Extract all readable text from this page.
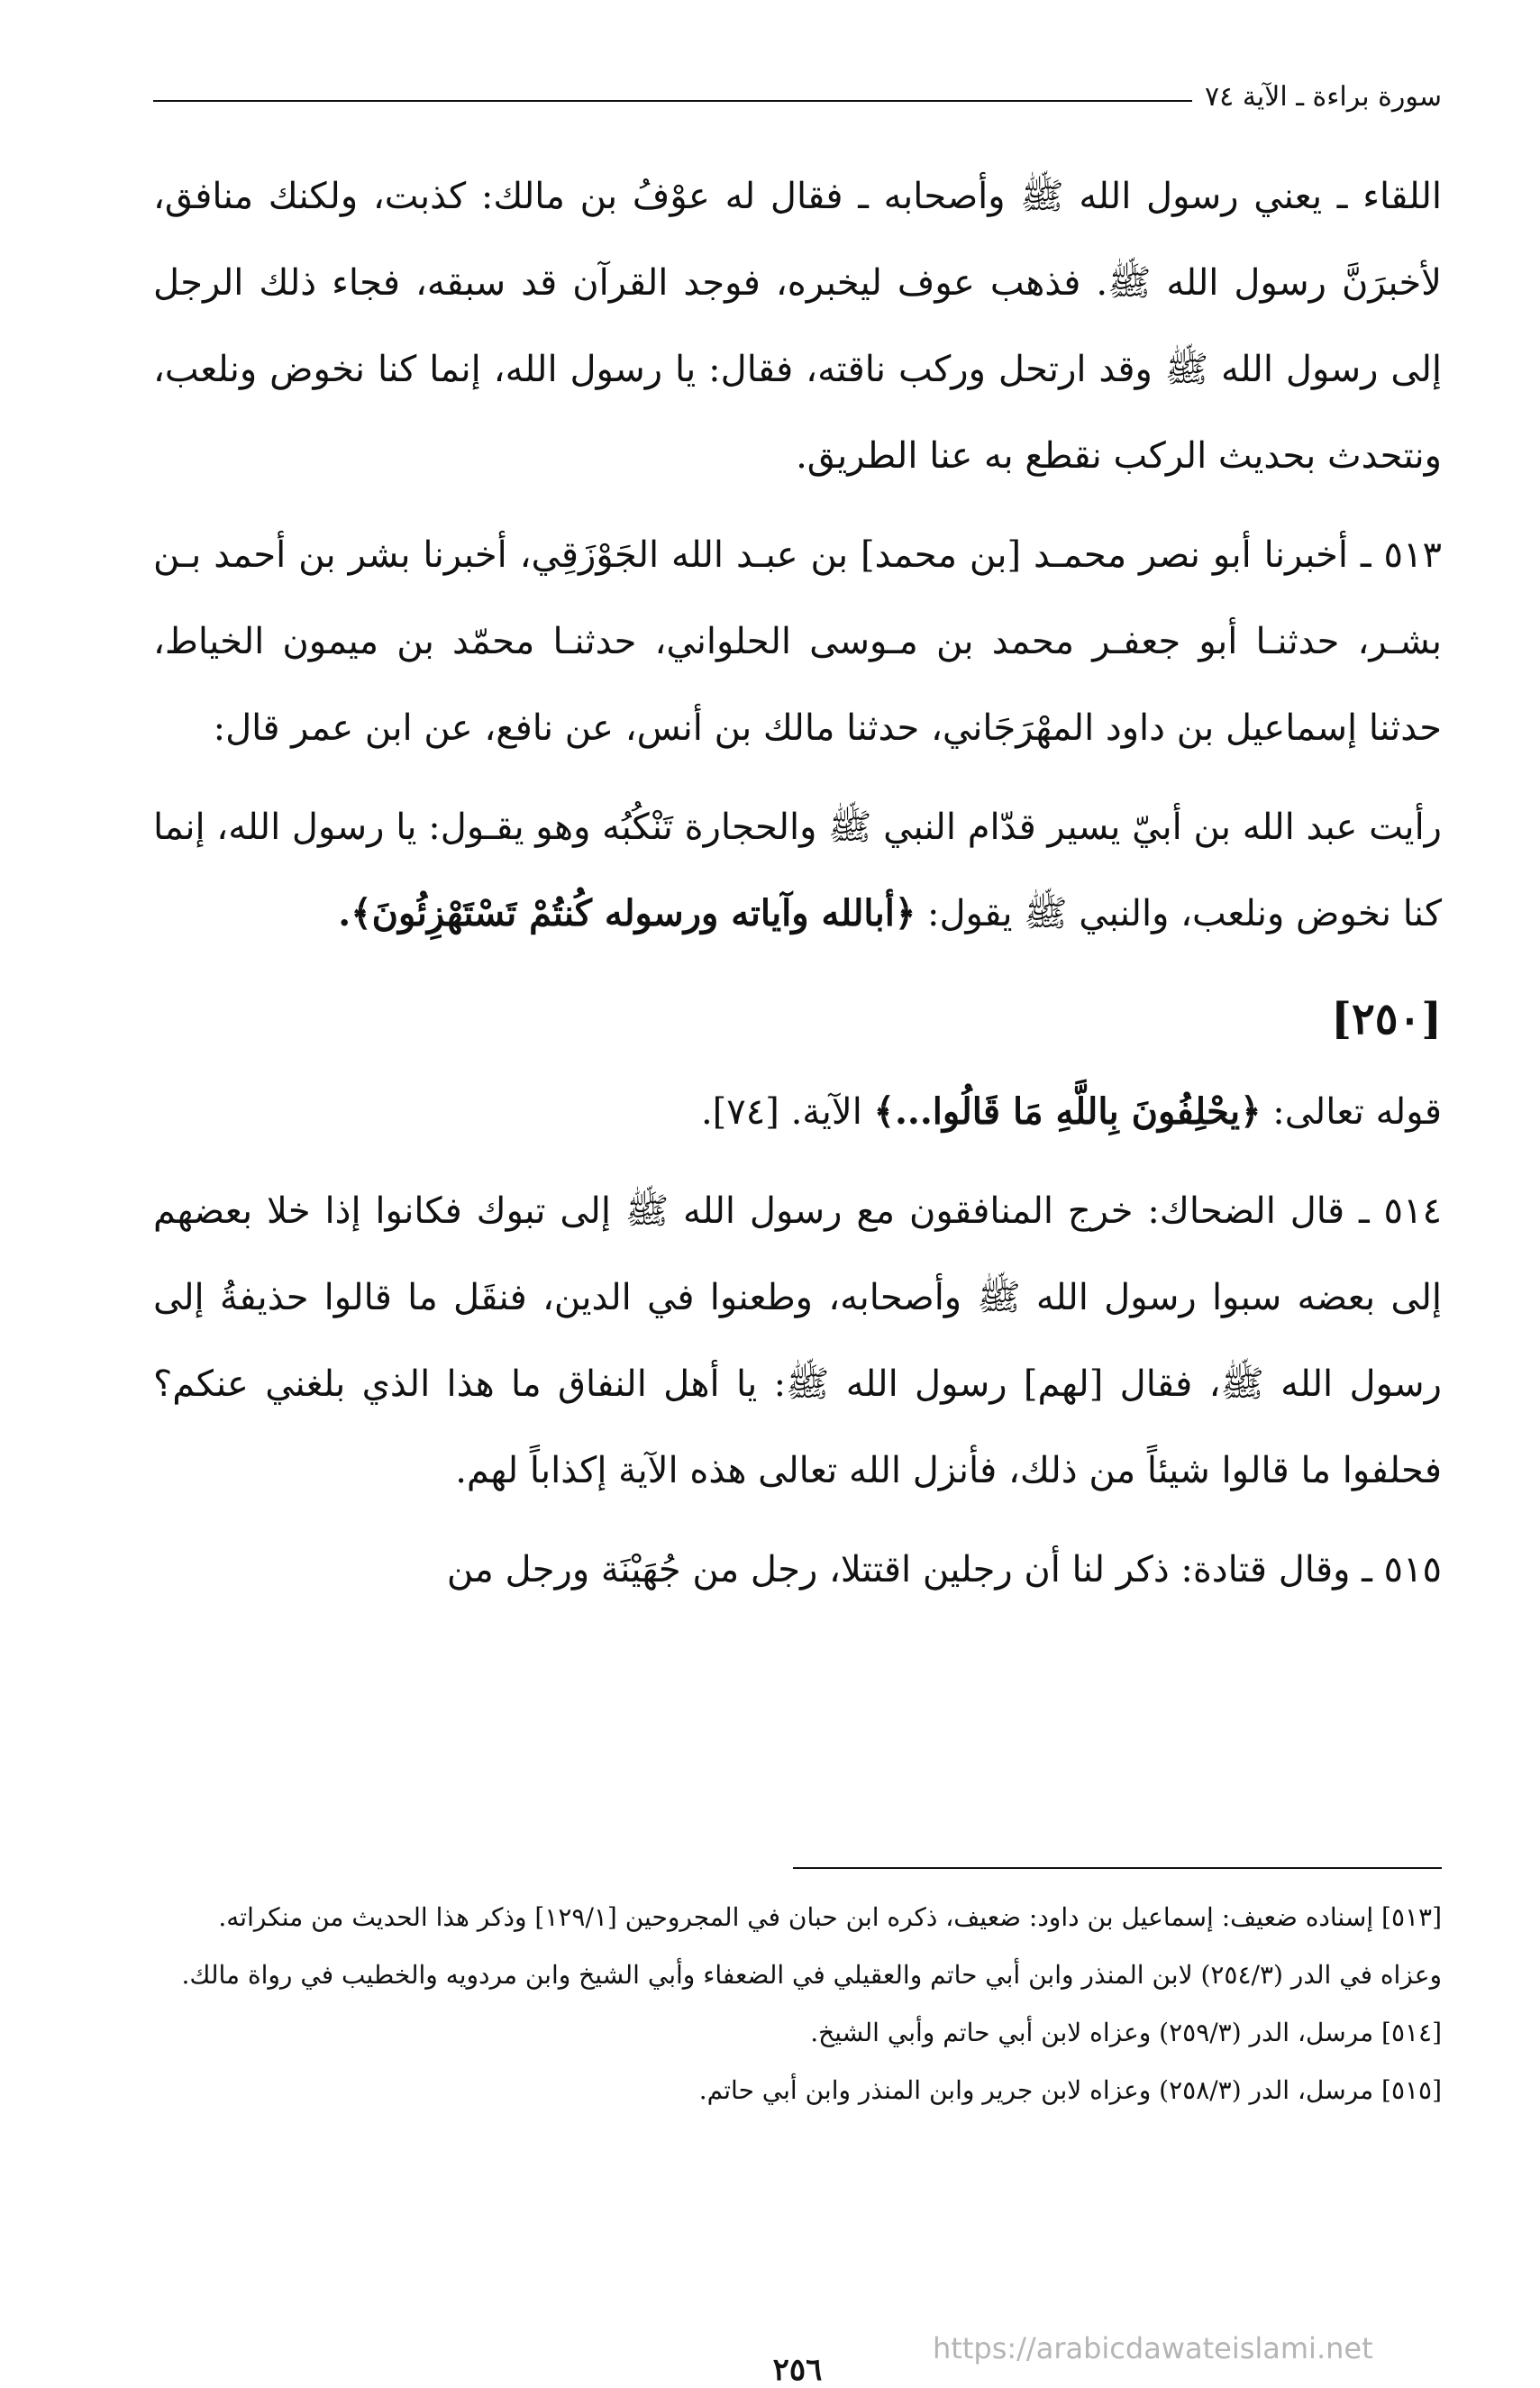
سورة براءة ـ الآية ٧٤

اللقاء ـ يعني رسول الله ﷺ وأصحابه ـ فقال له عوْفُ بن مالك: كذبت، ولكنك منافق، لأخبرَنَّ رسول الله ﷺ. فذهب عوف ليخبره، فوجد القرآن قد سبقه، فجاء ذلك الرجل إلى رسول الله ﷺ وقد ارتحل وركب ناقته، فقال: يا رسول الله، إنما كنا نخوض ونلعب، ونتحدث بحديث الركب نقطع به عنا الطريق.

٥١٣ ـ أخبرنا أبو نصر محمـد [بن محمد] بن عبـد الله الجَوْزَقِي، أخبرنا بشر بن أحمد بـن بشـر، حدثنـا أبو جعفـر محمد بن مـوسى الحلواني، حدثنـا محمّد بن ميمون الخياط، حدثنا إسماعيل بن داود المهْرَجَاني، حدثنا مالك بن أنس، عن نافع، عن ابن عمر قال:

رأيت عبد الله بن أبيّ يسير قدّام النبي ﷺ والحجارة تَنْكُبُه وهو يقـول: يا رسول الله، إنما كنا نخوض ونلعب، والنبي ﷺ يقول: ﴿أبالله وآياته ورسوله كُنتُمْ تَسْتَهْزِئُونَ﴾.

[٢٥٠]

قوله تعالى: ﴿يحْلِفُونَ بِاللَّهِ مَا قَالُوا...﴾ الآية. [٧٤].

٥١٤ ـ قال الضحاك: خرج المنافقون مع رسول الله ﷺ إلى تبوك فكانوا إذا خلا بعضهم إلى بعضه سبوا رسول الله ﷺ وأصحابه، وطعنوا في الدين، فنقَل ما قالوا حذيفةُ إلى رسول الله ﷺ، فقال [لهم] رسول الله ﷺ: يا أهل النفاق ما هذا الذي بلغني عنكم؟ فحلفوا ما قالوا شيئاً من ذلك، فأنزل الله تعالى هذه الآية إكذاباً لهم.

٥١٥ ـ وقال قتادة: ذكر لنا أن رجلين اقتتلا، رجل من جُهَيْنَة ورجل من

[٥١٣] إسناده ضعيف: إسماعيل بن داود: ضعيف، ذكره ابن حبان في المجروحين [١٢٩/١] وذكر هذا الحديث من منكراته.

وعزاه في الدر (٢٥٤/٣) لابن المنذر وابن أبي حاتم والعقيلي في الضعفاء وأبي الشيخ وابن مردويه والخطيب في رواة مالك.

[٥١٤] مرسل، الدر (٢٥٩/٣) وعزاه لابن أبي حاتم وأبي الشيخ.

[٥١٥] مرسل، الدر (٢٥٨/٣) وعزاه لابن جرير وابن المنذر وابن أبي حاتم.

٢٥٦
https://arabicdawateislami.net
